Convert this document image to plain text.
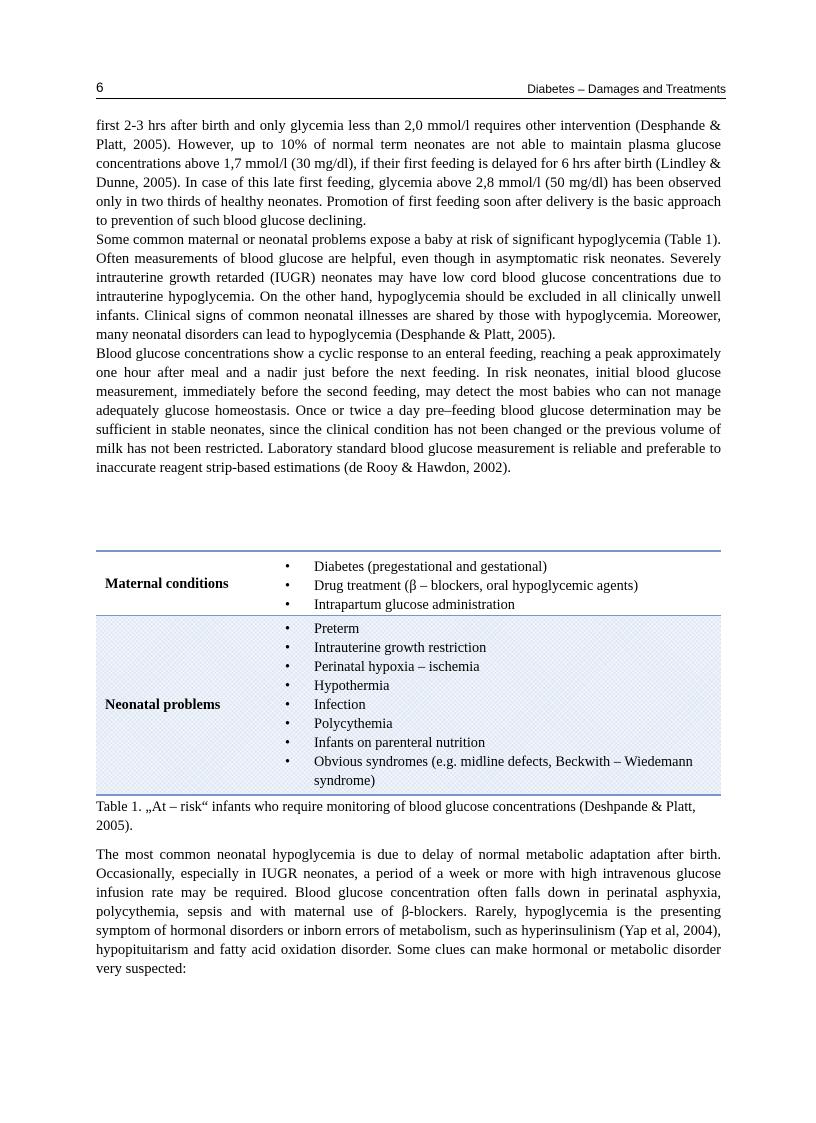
6	Diabetes – Damages and Treatments

first 2-3 hrs after birth and only glycemia less than 2,0 mmol/l requires other intervention (Desphande & Platt, 2005). However, up to 10% of normal term neonates are not able to maintain plasma glucose concentrations above 1,7 mmol/l (30 mg/dl), if their first feeding is delayed for 6 hrs after birth (Lindley & Dunne, 2005). In case of this late first feeding, glycemia above 2,8 mmol/l (50 mg/dl) has been observed only in two thirds of healthy neonates. Promotion of first feeding soon after delivery is the basic approach to prevention of such blood glucose declining.

Some common maternal or neonatal problems expose a baby at risk of significant hypoglycemia (Table 1). Often measurements of blood glucose are helpful, even though in asymptomatic risk neonates. Severely intrauterine growth retarded (IUGR) neonates may have low cord blood glucose concentrations due to intrauterine hypoglycemia. On the other hand, hypoglycemia should be excluded in all clinically unwell infants. Clinical signs of common neonatal illnesses are shared by those with hypoglycemia. Moreower, many neonatal disorders can lead to hypoglycemia (Desphande & Platt, 2005).

Blood glucose concentrations show a cyclic response to an enteral feeding, reaching a peak approximately one hour after meal and a nadir just before the next feeding. In risk neonates, initial blood glucose measurement, immediately before the second feeding, may detect the most babies who can not manage adequately glucose homeostasis. Once or twice a day pre–feeding blood glucose determination may be sufficient in stable neonates, since the clinical condition has not been changed or the previous volume of milk has not been restricted. Laboratory standard blood glucose measurement is reliable and preferable to inaccurate reagent strip-based estimations (de Rooy & Hawdon, 2002).

Maternal conditions
• Diabetes (pregestational and gestational)
• Drug treatment (β – blockers, oral hypoglycemic agents)
• Intrapartum glucose administration
Neonatal problems
• Preterm
• Intrauterine growth restriction
• Perinatal hypoxia – ischemia
• Hypothermia
• Infection
• Polycythemia
• Infants on parenteral nutrition
• Obvious syndromes (e.g. midline defects, Beckwith – Wiedemann syndrome)

Table 1. „At – risk“ infants who require monitoring of blood glucose concentrations (Deshpande & Platt, 2005).

The most common neonatal hypoglycemia is due to delay of normal metabolic adaptation after birth. Occasionally, especially in IUGR neonates, a period of a week or more with high intravenous glucose infusion rate may be required. Blood glucose concentration often falls down in perinatal asphyxia, polycythemia, sepsis and with maternal use of β-blockers. Rarely, hypoglycemia is the presenting symptom of hormonal disorders or inborn errors of metabolism, such as hyperinsulinism (Yap et al, 2004), hypopituitarism and fatty acid oxidation disorder. Some clues can make hormonal or metabolic disorder very suspected:
